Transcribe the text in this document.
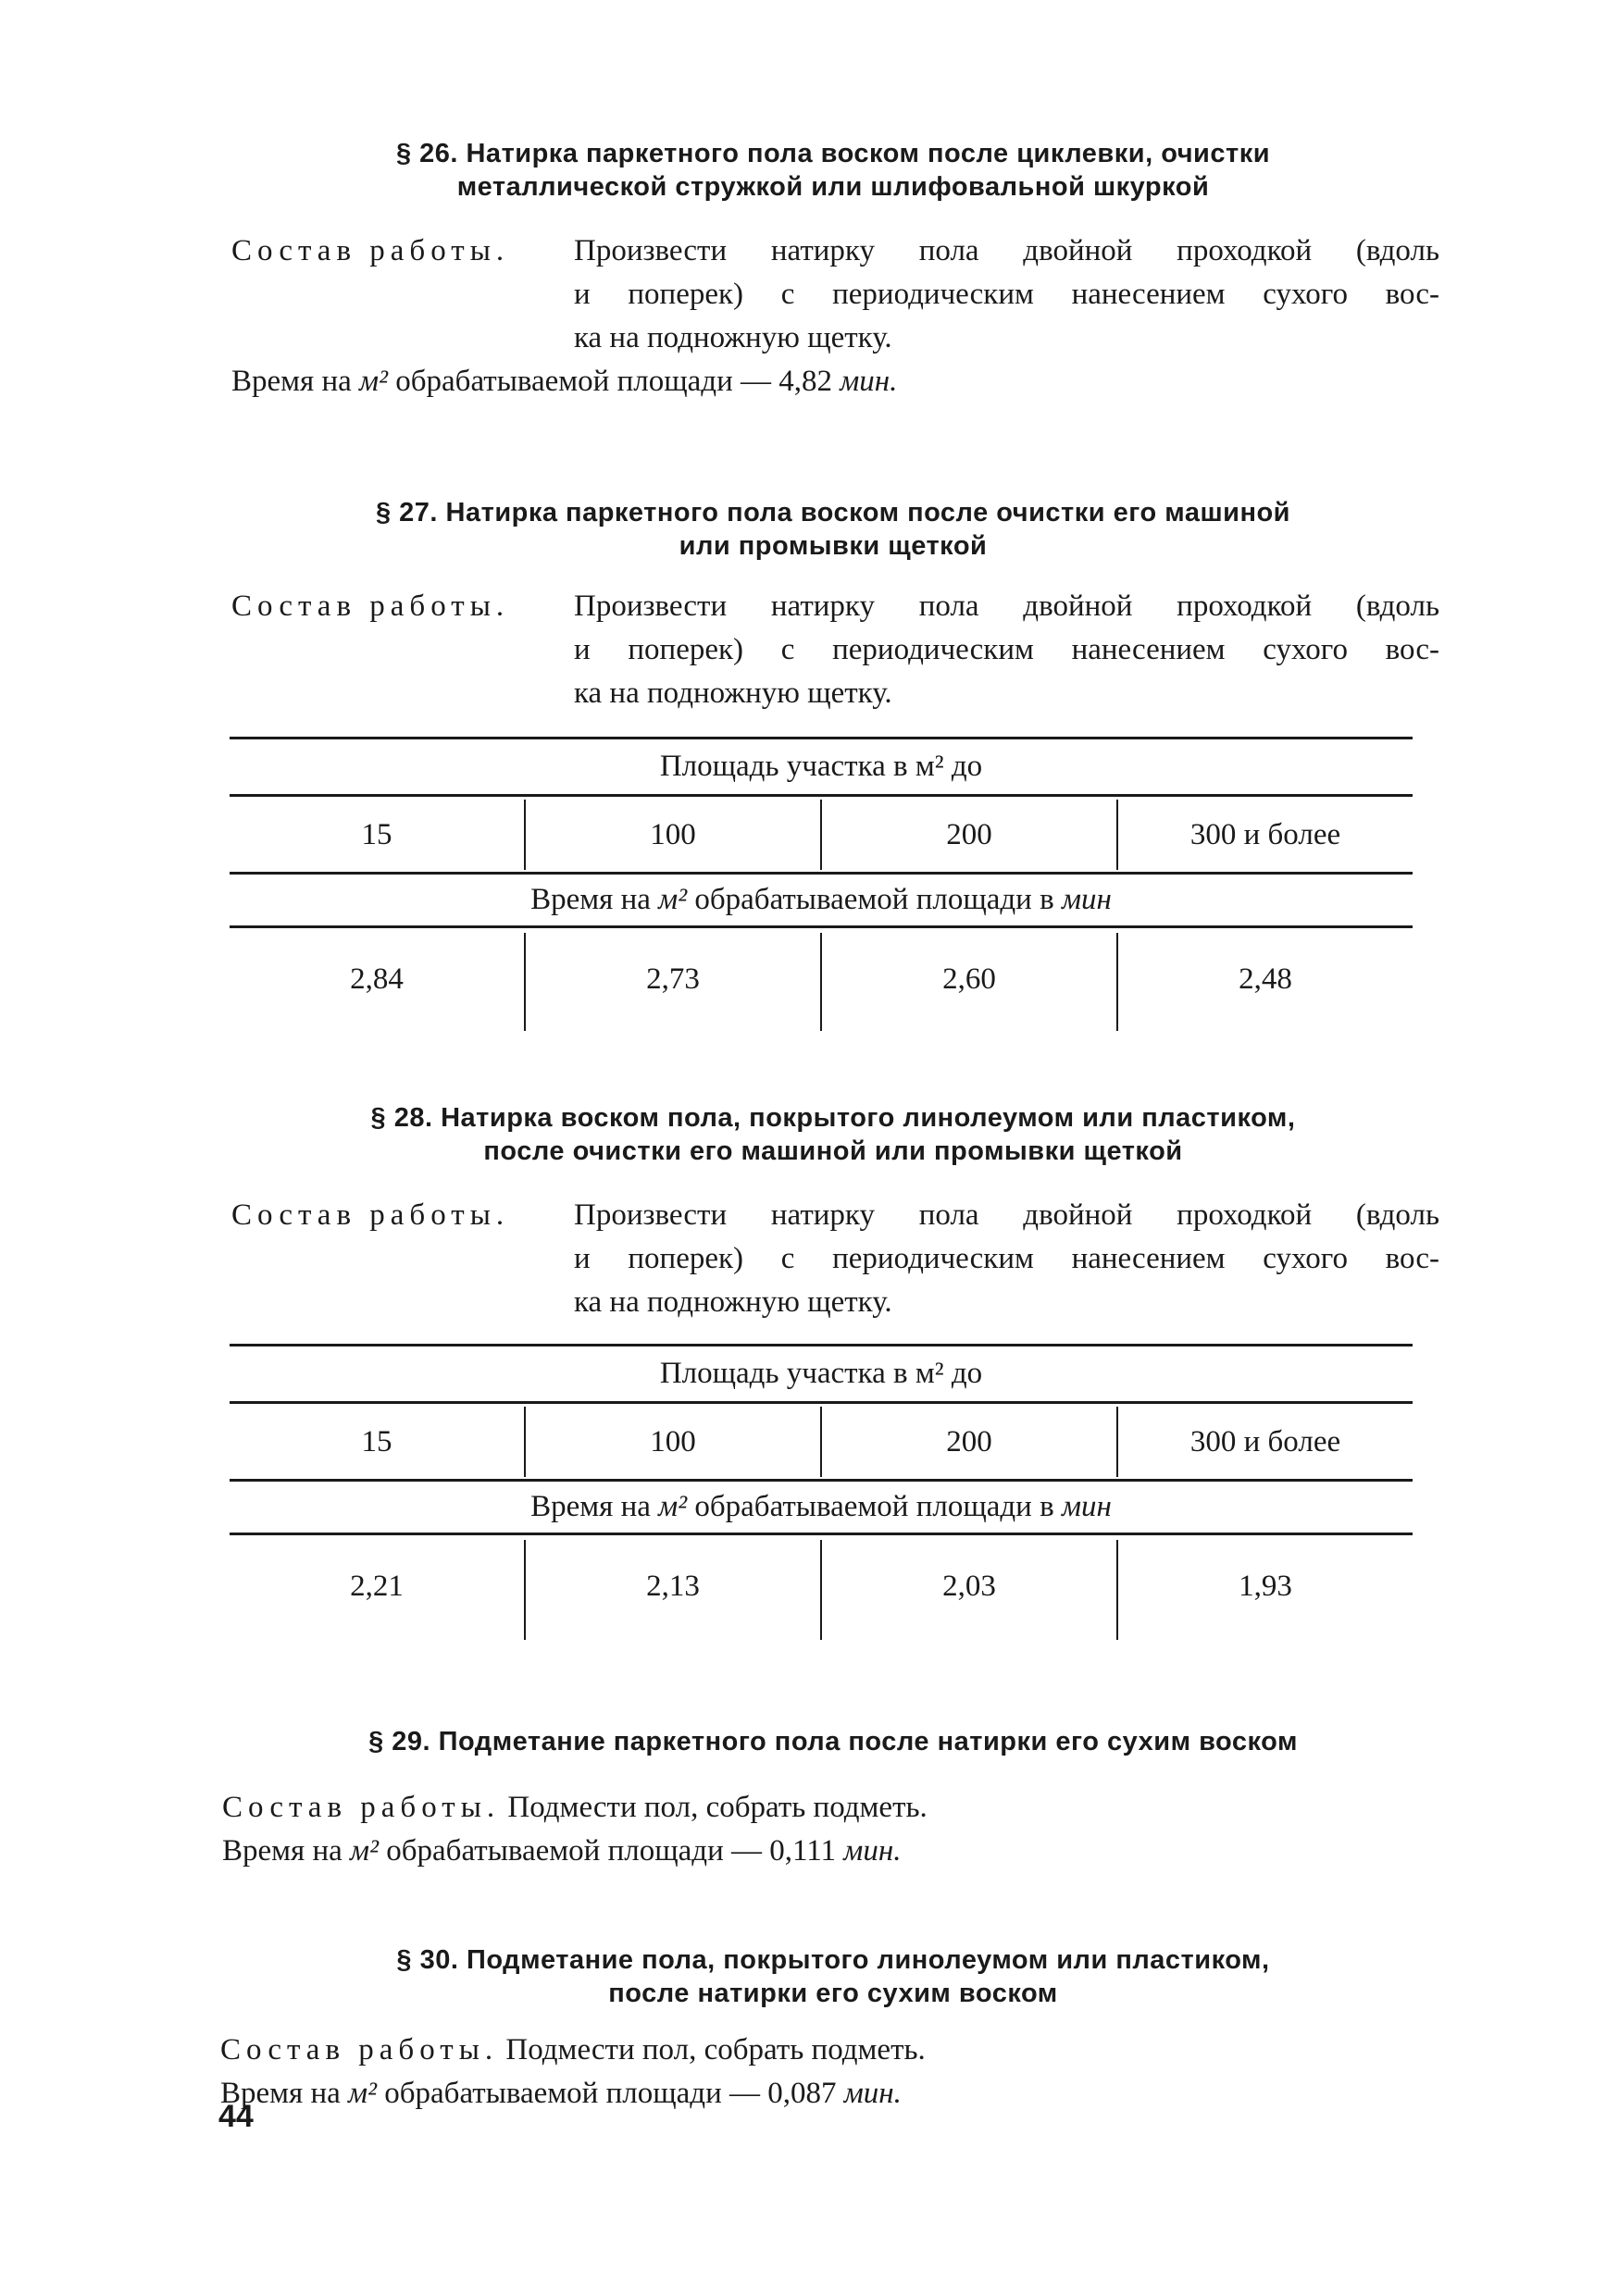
§ 26. Натирка паркетного пола воском после циклевки, очистки
металлической стружкой или шлифовальной шкуркой
Состав работы.	Произвести натирку пола двойной проходкой (вдоль
и поперек) с периодическим нанесением сухого вос-
ка на подножную щетку.
Время на м² обрабатываемой площади — 4,82 мин.
§ 27. Натирка паркетного пола воском после очистки его машиной
или промывки щеткой
Состав работы.	Произвести натирку пола двойной проходкой (вдоль
и поперек) с периодическим нанесением сухого вос-
ка на подножную щетку.
Площадь участка в м² до
15	100	200	300 и более
Время на м² обрабатываемой площади в мин
2,84	2,73	2,60	2,48
§ 28. Натирка воском пола, покрытого линолеумом или пластиком,
после очистки его машиной или промывки щеткой
Состав работы.	Произвести натирку пола двойной проходкой (вдоль
и поперек) с периодическим нанесением сухого вос-
ка на подножную щетку.
Площадь участка в м² до
15	100	200	300 и более
Время на м² обрабатываемой площади в мин
2,21	2,13	2,03	1,93
§ 29. Подметание паркетного пола после натирки его сухим воском
Состав работы. Подмести пол, собрать подметь.
Время на м² обрабатываемой площади — 0,111 мин.
§ 30. Подметание пола, покрытого линолеумом или пластиком,
после натирки его сухим воском
Состав работы. Подмести пол, собрать подметь.
Время на м² обрабатываемой площади — 0,087 мин.
44
